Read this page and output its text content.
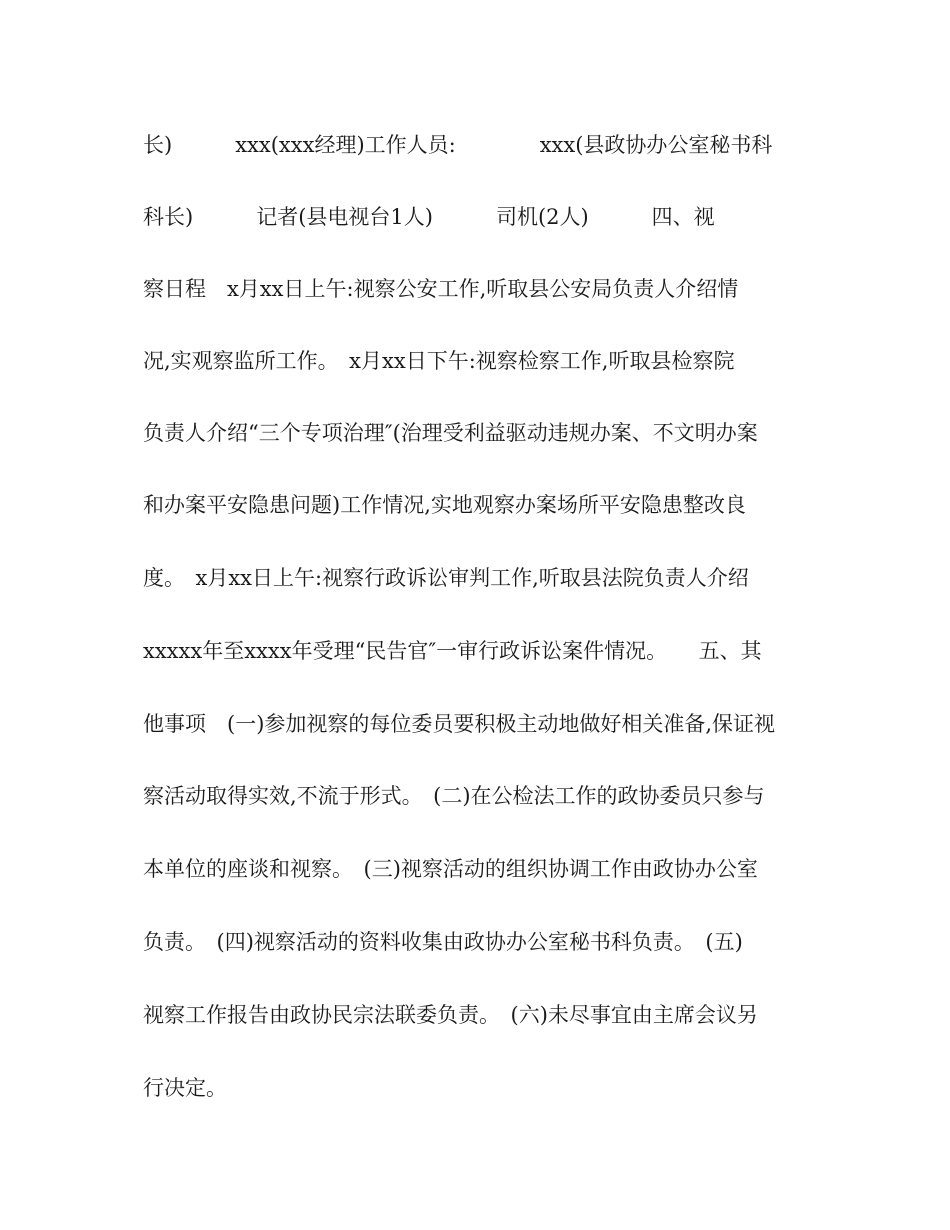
长)　　　xxx(xxx经理)工作人员:　　　　xxx(县政协办公室秘书科
科长)　　　记者(县电视台1人)　　　司机(2人)　　　四、视
察日程　x月xx日上午:视察公安工作,听取县公安局负责人介绍情
况,实观察监所工作。　x月xx日下午:视察检察工作,听取县检察院
负责人介绍“三个专项治理″(治理受利益驱动违规办案、不文明办案
和办案平安隐患问题)工作情况,实地观察办案场所平安隐患整改良
度。　x月xx日上午:视察行政诉讼审判工作,听取县法院负责人介绍
xxxxx年至xxxx年受理“民告官″一审行政诉讼案件情况。　　五、其
他事项　(一)参加视察的每位委员要积极主动地做好相关准备,保证视
察活动取得实效,不流于形式。　(二)在公检法工作的政协委员只参与
本单位的座谈和视察。　(三)视察活动的组织协调工作由政协办公室
负责。　(四)视察活动的资料收集由政协办公室秘书科负责。　(五)
视察工作报告由政协民宗法联委负责。　(六)未尽事宜由主席会议另
行决定。
